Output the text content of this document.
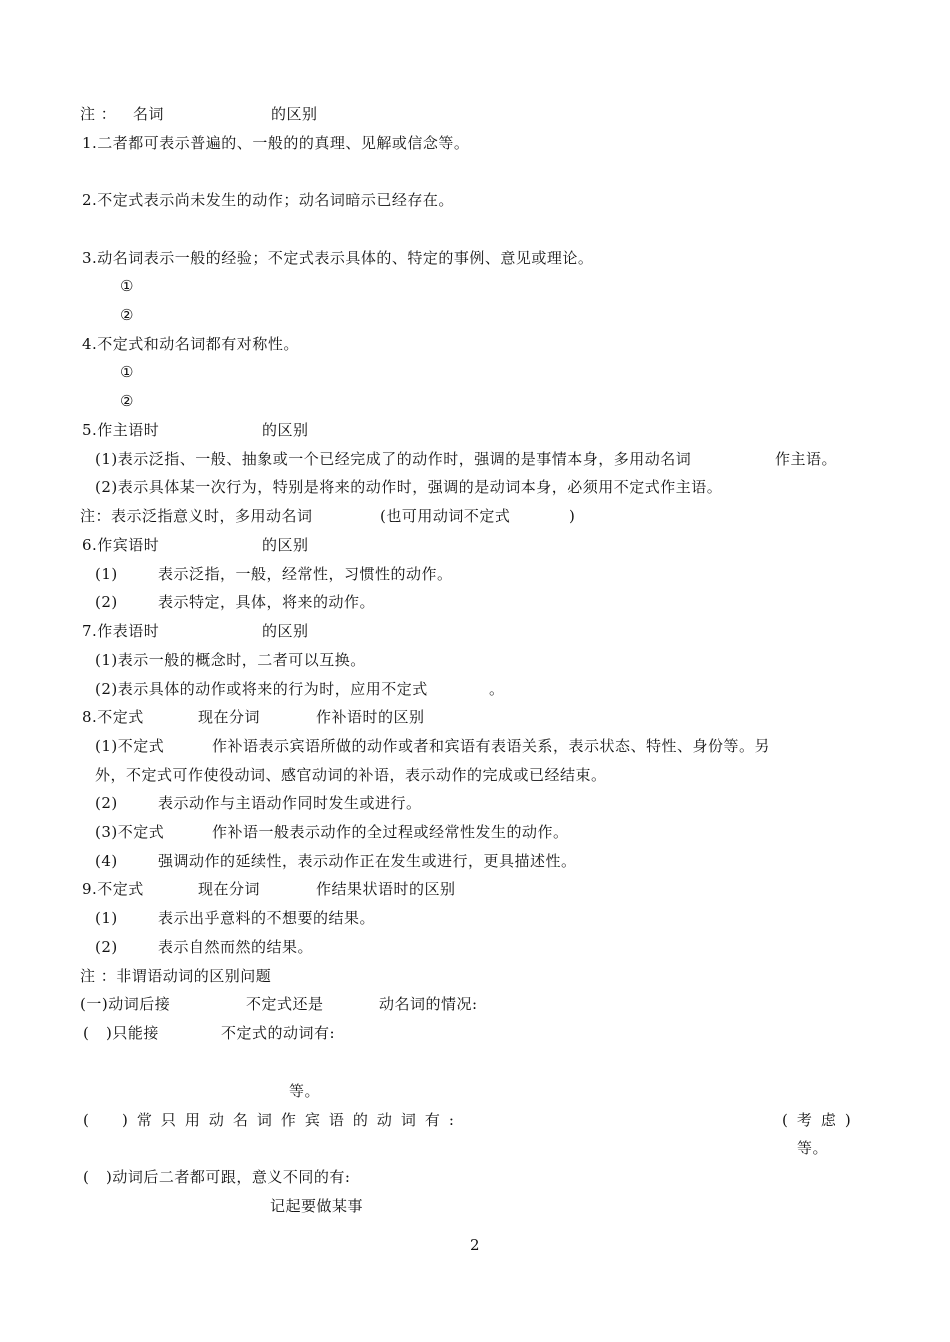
注 ： 名词	的区别
1.二者都可表示普遍的、一般的的真理、见解或信念等。
2.不定式表示尚未发生的动作；动名词暗示已经存在。
3.动名词表示一般的经验；不定式表示具体的、特定的事例、意见或理论。
①
②
4.不定式和动名词都有对称性。
①
②
5.作主语时	的区别
(1)表示泛指、一般、抽象或一个已经完成了的动作时，强调的是事情本身，多用动名词	作主语。
(2)表示具体某一次行为，特别是将来的动作时，强调的是动词本身，必须用不定式作主语。
注：表示泛指意义时，多用动名词	(也可用动词不定式	)
6.作宾语时	的区别
(1)	表示泛指，一般，经常性，习惯性的动作。
(2)	表示特定，具体，将来的动作。
7.作表语时	的区别
(1)表示一般的概念时，二者可以互换。
(2)表示具体的动作或将来的行为时，应用不定式	。
8.不定式	现在分词	作补语时的区别
(1)不定式	作补语表示宾语所做的动作或者和宾语有表语关系，表示状态、特性、身份等。另
外，不定式可作使役动词、感官动词的补语，表示动作的完成或已经结束。
(2)	表示动作与主语动作同时发生或进行。
(3)不定式	作补语一般表示动作的全过程或经常性发生的动作。
(4)	强调动作的延续性，表示动作正在发生或进行，更具描述性。
9.不定式	现在分词	作结果状语时的区别
(1)	表示出乎意料的不想要的结果。
(2)	表示自然而然的结果。
注 ：非谓语动词的区别问题
(一)动词后接	不定式还是	动名词的情况:
( )只能接	不定式的动词有:
等。
( )常只用动名词作宾语的动词有:	(考虑)
等。
( )动词后二者都可跟，意义不同的有:
记起要做某事
2
